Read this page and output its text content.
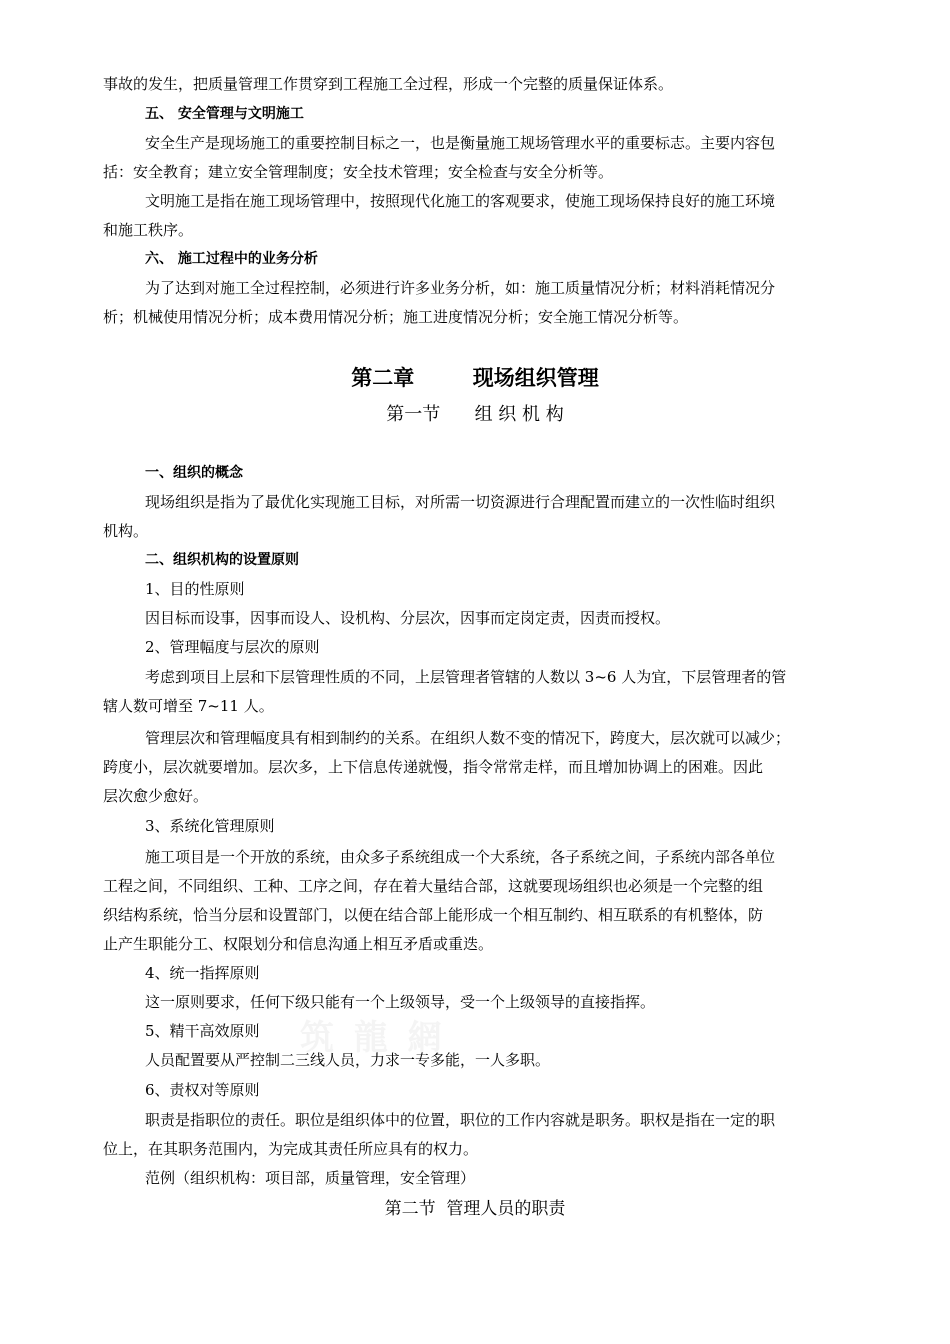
筑 龍 網
事故的发生，把质量管理工作贯穿到工程施工全过程，形成一个完整的质量保证体系。
五、 安全管理与文明施工
安全生产是现场施工的重要控制目标之一，也是衡量施工规场管理水平的重要标志。主要内容包
括：安全教育；建立安全管理制度；安全技术管理；安全检查与安全分析等。
文明施工是指在施工现场管理中，按照现代化施工的客观要求，使施工现场保持良好的施工环境
和施工秩序。
六、 施工过程中的业务分析
为了达到对施工全过程控制，必须进行许多业务分析，如：施工质量情况分析；材料消耗情况分
析；机械使用情况分析；成本费用情况分析；施工进度情况分析；安全施工情况分析等。
第二章        现场组织管理
第一节      组 织 机 构
一、组织的概念
现场组织是指为了最优化实现施工目标，对所需一切资源进行合理配置而建立的一次性临时组织
机构。
二、组织机构的设置原则
1、目的性原则
因目标而设事，因事而设人、设机构、分层次，因事而定岗定责，因责而授权。
2、管理幅度与层次的原则
考虑到项目上层和下层管理性质的不同，上层管理者管辖的人数以 3~6 人为宜，下层管理者的管
辖人数可增至 7~11 人。
管理层次和管理幅度具有相到制约的关系。在组织人数不变的情况下，跨度大，层次就可以减少；
跨度小，层次就要增加。层次多，上下信息传递就慢，指令常常走样，而且增加协调上的困难。因此
层次愈少愈好。
3、系统化管理原则
施工项目是一个开放的系统，由众多子系统组成一个大系统，各子系统之间，子系统内部各单位
工程之间，不同组织、工种、工序之间，存在着大量结合部，这就要现场组织也必须是一个完整的组
织结构系统，恰当分层和设置部门，以便在结合部上能形成一个相互制约、相互联系的有机整体，防
止产生职能分工、权限划分和信息沟通上相互矛盾或重迭。
4、统一指挥原则
这一原则要求，任何下级只能有一个上级领导，受一个上级领导的直接指挥。
5、精干高效原则
人员配置要从严控制二三线人员，力求一专多能，一人多职。
6、责权对等原则
职责是指职位的责任。职位是组织体中的位置，职位的工作内容就是职务。职权是指在一定的职
位上，在其职务范围内，为完成其责任所应具有的权力。
范例（组织机构：项目部，质量管理，安全管理）
第二节  管理人员的职责
